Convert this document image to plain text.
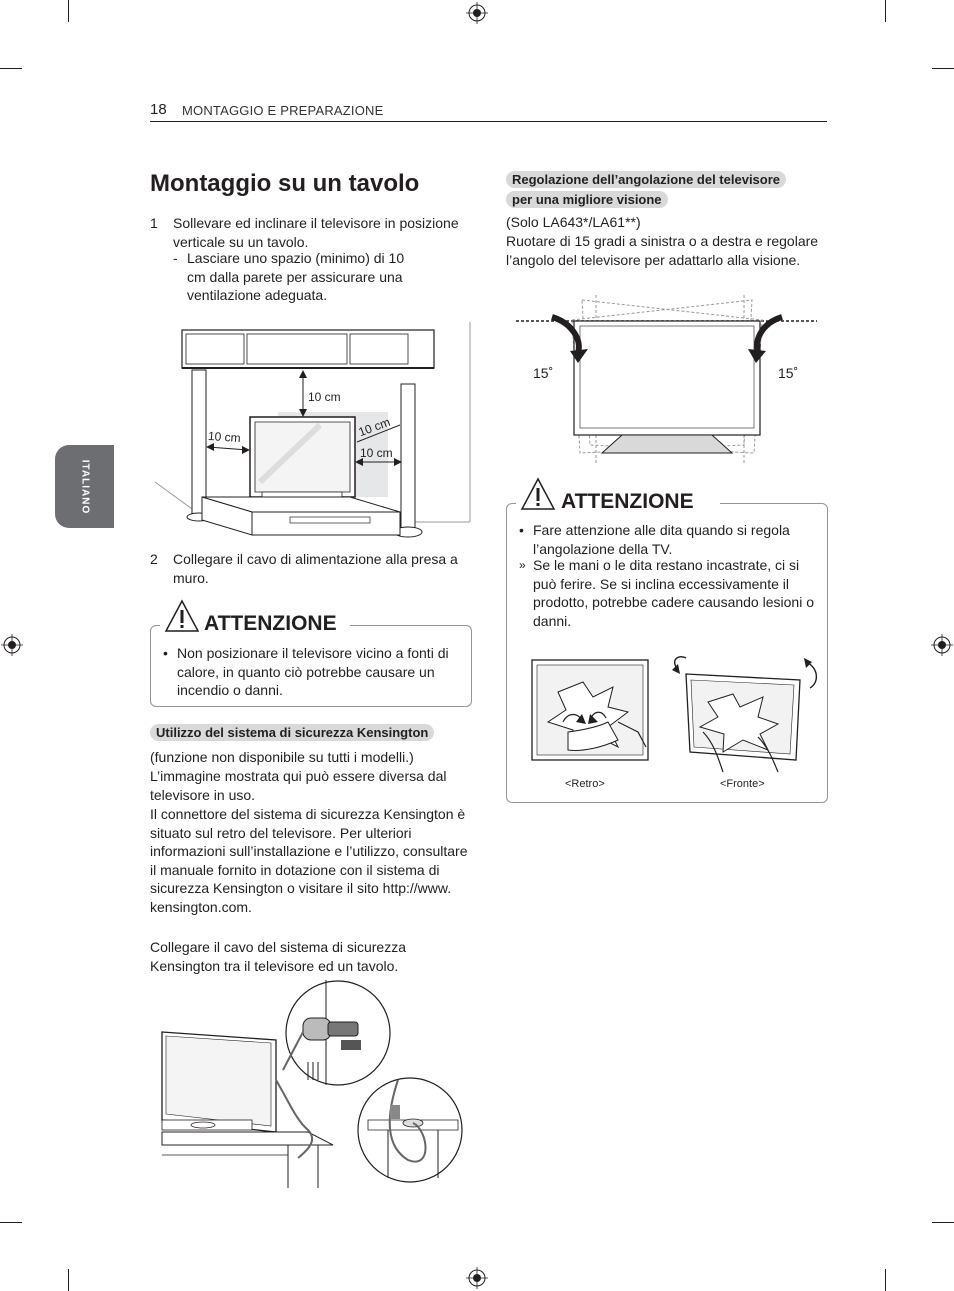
18 MONTAGGIO E PREPARAZIONE
ITALIANO
Montaggio su un tavolo
1 Sollevare ed inclinare il televisore in posizione verticale su un tavolo.
- Lasciare uno spazio (minimo) di 10 cm dalla parete per assicurare una ventilazione adeguata.
10 cm
10 cm	10 cm
10 cm
2 Collegare il cavo di alimentazione alla presa a muro.
ATTENZIONE
• Non posizionare il televisore vicino a fonti di calore, in quanto ciò potrebbe causare un incendio o danni.
Utilizzo del sistema di sicurezza Kensington
(funzione non disponibile su tutti i modelli.)
L’immagine mostrata qui può essere diversa dal televisore in uso.
Il connettore del sistema di sicurezza Kensington è situato sul retro del televisore. Per ulteriori informazioni sull’installazione e l’utilizzo, consultare il manuale fornito in dotazione con il sistema di sicurezza Kensington o visitare il sito http://www. kensington.com.
Collegare il cavo del sistema di sicurezza Kensington tra il televisore ed un tavolo.
Regolazione dell’angolazione del televisore
per una migliore visione
(Solo LA643*/LA61**)
Ruotare di 15 gradi a sinistra o a destra e regolare l’angolo del televisore per adattarlo alla visione.
15˚	15˚
ATTENZIONE
• Fare attenzione alle dita quando si regola l’angolazione della TV.
» Se le mani o le dita restano incastrate, ci si può ferire. Se si inclina eccessivamente il prodotto, potrebbe cadere causando lesioni o danni.
<Retro>	<Fronte>
